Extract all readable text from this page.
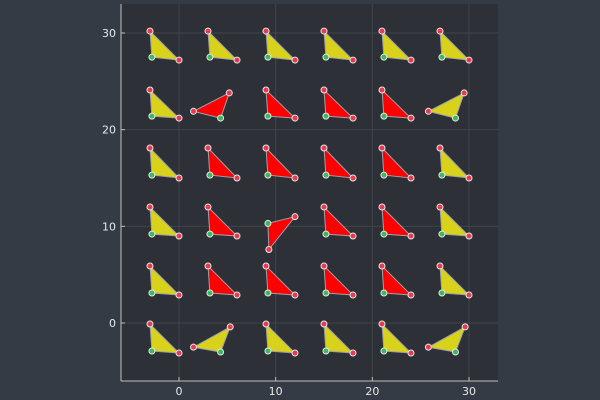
0	10	20	30
0
10
20
30
